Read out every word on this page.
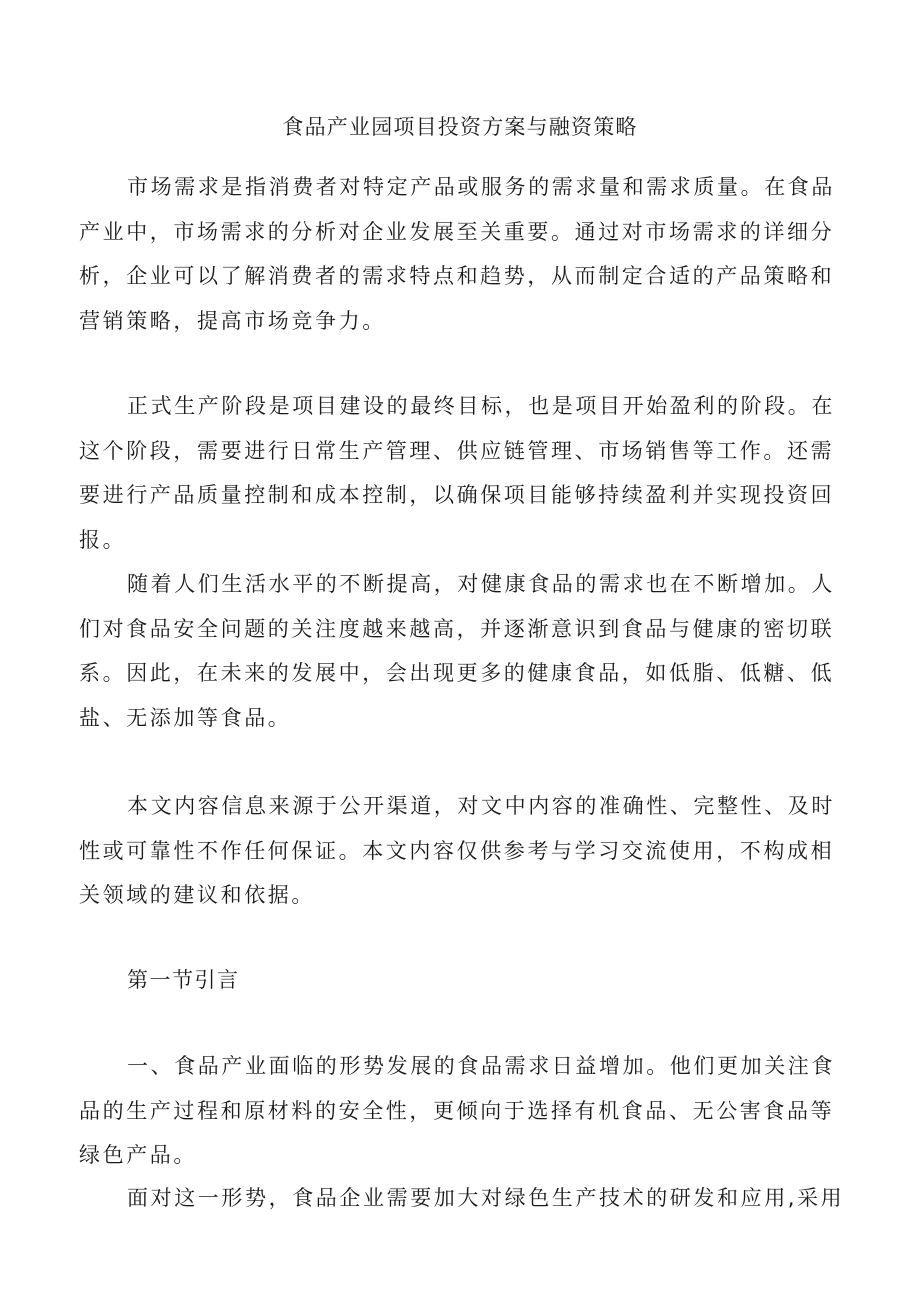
食品产业园项目投资方案与融资策略

市场需求是指消费者对特定产品或服务的需求量和需求质量。在食品产业中，市场需求的分析对企业发展至关重要。通过对市场需求的详细分析，企业可以了解消费者的需求特点和趋势，从而制定合适的产品策略和营销策略，提高市场竞争力。

正式生产阶段是项目建设的最终目标，也是项目开始盈利的阶段。在这个阶段，需要进行日常生产管理、供应链管理、市场销售等工作。还需要进行产品质量控制和成本控制，以确保项目能够持续盈利并实现投资回报。

随着人们生活水平的不断提高，对健康食品的需求也在不断增加。人们对食品安全问题的关注度越来越高，并逐渐意识到食品与健康的密切联系。因此，在未来的发展中，会出现更多的健康食品，如低脂、低糖、低盐、无添加等食品。

本文内容信息来源于公开渠道，对文中内容的准确性、完整性、及时性或可靠性不作任何保证。本文内容仅供参考与学习交流使用，不构成相关领域的建议和依据。

第一节引言

一、食品产业面临的形势发展的食品需求日益增加。他们更加关注食品的生产过程和原材料的安全性，更倾向于选择有机食品、无公害食品等绿色产品。

面对这一形势，食品企业需要加大对绿色生产技术的研发和应用,采用
